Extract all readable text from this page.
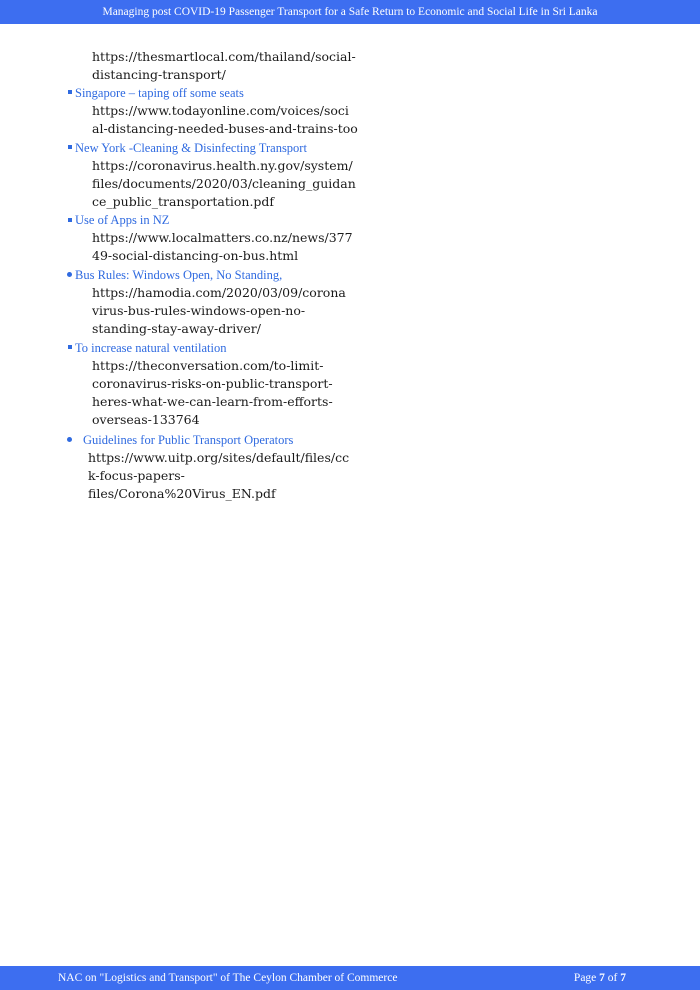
Managing post COVID-19 Passenger Transport for a Safe Return to Economic and Social Life in Sri Lanka
https://thesmartlocal.com/thailand/social-
distancing-transport/
Singapore – taping off some seats
https://www.todayonline.com/voices/soci
al-distancing-needed-buses-and-trains-too
New York -Cleaning & Disinfecting Transport
https://coronavirus.health.ny.gov/system/
files/documents/2020/03/cleaning_guidan
ce_public_transportation.pdf
Use of Apps in NZ
https://www.localmatters.co.nz/news/377
49-social-distancing-on-bus.html
Bus Rules: Windows Open, No Standing,
https://hamodia.com/2020/03/09/corona
virus-bus-rules-windows-open-no-
standing-stay-away-driver/
To increase natural ventilation
https://theconversation.com/to-limit-
coronavirus-risks-on-public-transport-
heres-what-we-can-learn-from-efforts-
overseas-133764
Guidelines for Public Transport Operators
https://www.uitp.org/sites/default/files/cc
k-focus-papers-
files/Corona%20Virus_EN.pdf
NAC on "Logistics and Transport" of The Ceylon Chamber of Commerce	Page 7 of 7
